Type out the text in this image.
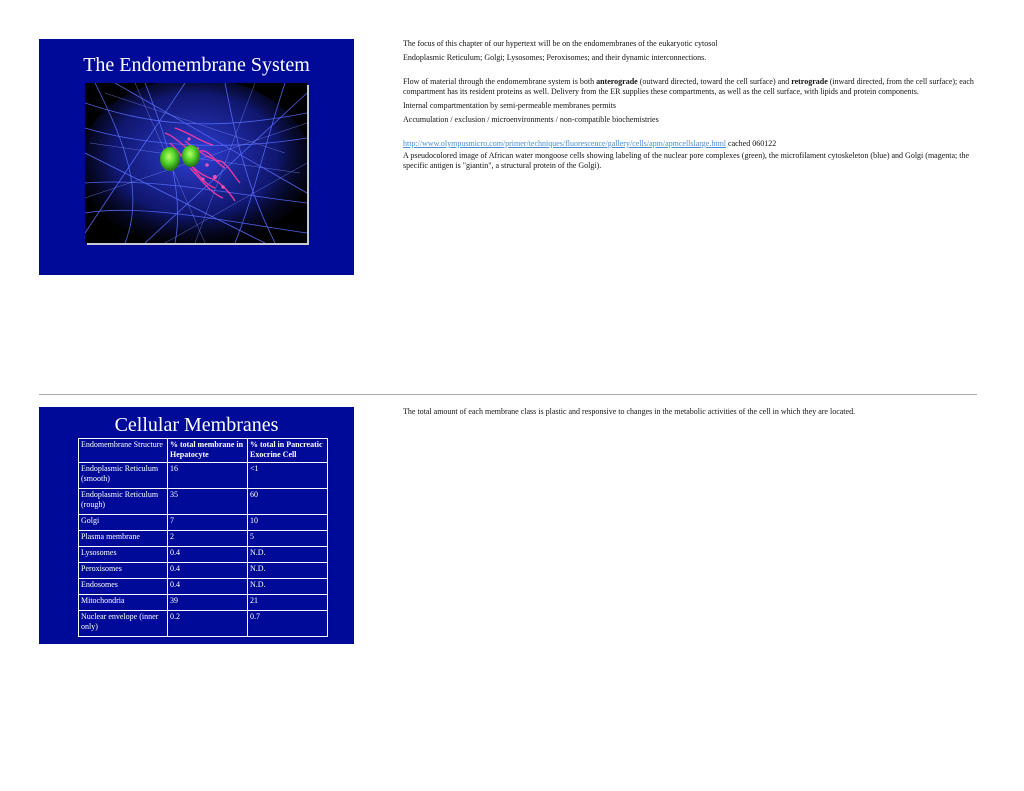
The Endomembrane System

The focus of this chapter of our hypertext will be on the endomembranes of the eukaryotic cytosol

Endoplasmic Reticulum; Golgi; Lysosomes; Peroxisomes; and their dynamic interconnections.

Flow of material through the endomembrane system is both anterograde (outward directed, toward the cell surface) and retrograde (inward directed, from the cell surface); each compartment has its resident proteins as well. Delivery from the ER supplies these compartments, as well as the cell surface, with lipids and protein components.

Internal compartmentation by semi-permeable membranes permits

Accumulation / exclusion / microenvironments / non-compatible biochemistries

http://www.olympusmicro.com/primer/techniques/fluorescence/gallery/cells/apm/apmcellslarge.html cached 060122

A pseudocolored image of African water mongoose cells showing labeling of the nuclear pore complexes (green), the microfilament cytoskeleton (blue) and Golgi (magenta; the specific antigen is "giantin", a structural protein of the Golgi).

Cellular Membranes
Endomembrane Structure	% total membrane in Hepatocyte	% total in Pancreatic Exocrine Cell
Endoplasmic Reticulum (smooth)	16	<1
Endoplasmic Reticulum (rough)	35	60
Golgi	7	10
Plasma membrane	2	5
Lysosomes	0.4	N.D.
Peroxisomes	0.4	N.D.
Endosomes	0.4	N.D.
Mitochondria	39	21
Nuclear envelope (inner only)	0.2	0.7

The total amount of each membrane class is plastic and responsive to changes in the metabolic activities of the cell in which they are located.
